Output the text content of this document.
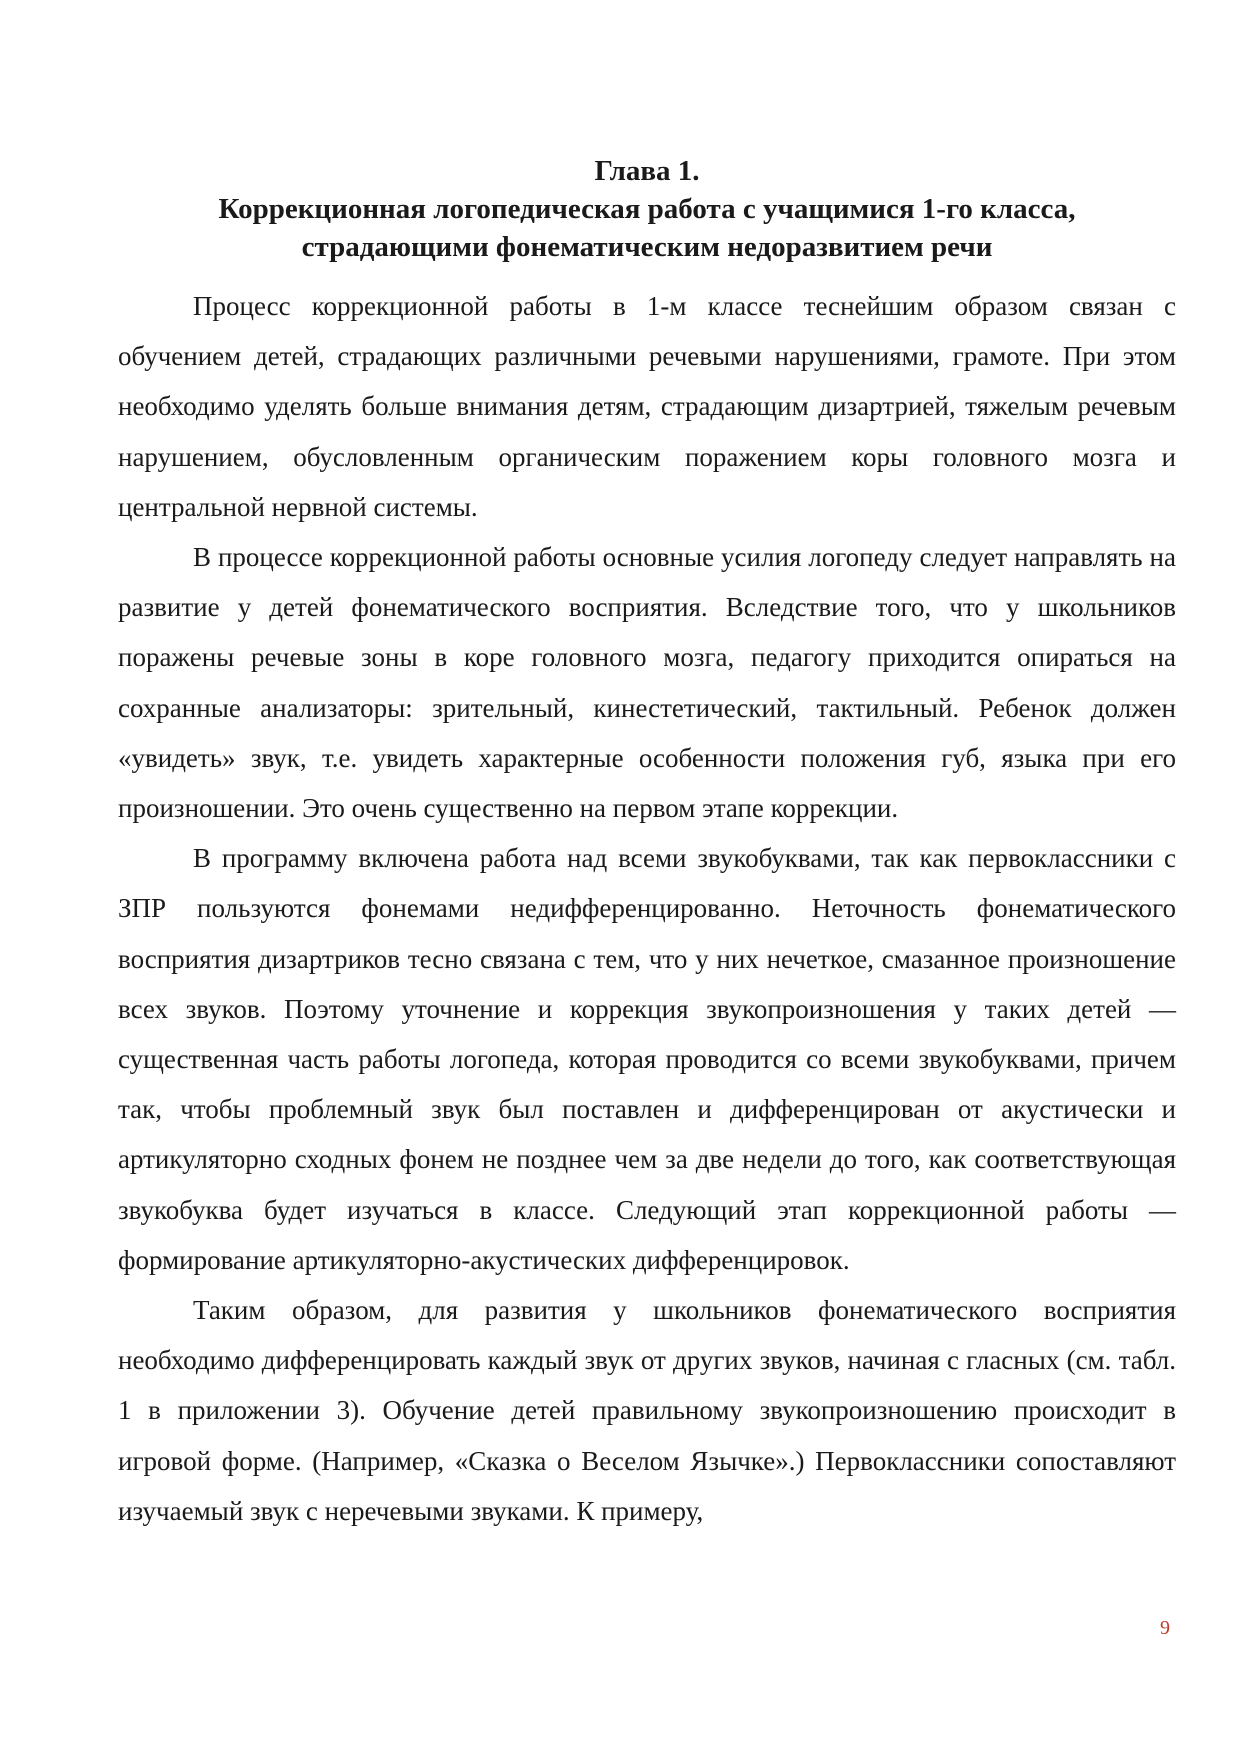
Глава 1.
Коррекционная логопедическая работа с учащимися 1-го класса,
страдающими фонематическим недоразвитием речи

Процесс коррекционной работы в 1-м классе теснейшим образом связан с обучением детей, страдающих различными речевыми нарушениями, грамоте. При этом необходимо уделять больше внимания детям, страдающим дизартрией, тяжелым речевым нарушением, обусловленным органическим поражением коры головного мозга и центральной нервной системы.

В процессе коррекционной работы основные усилия логопеду следует направлять на развитие у детей фонематического восприятия. Вследствие того, что у школьников поражены речевые зоны в коре головного мозга, педагогу приходится опираться на сохранные анализаторы: зрительный, кинестетический, тактильный. Ребенок должен «увидеть» звук, т.е. увидеть характерные особенности положения губ, языка при его произношении. Это очень существенно на первом этапе коррекции.

В программу включена работа над всеми звукобуквами, так как первоклассники с ЗПР пользуются фонемами недифференцированно. Неточность фонематического восприятия дизартриков тесно связана с тем, что у них нечеткое, смазанное произношение всех звуков. Поэтому уточнение и коррекция звукопроизношения у таких детей — существенная часть работы логопеда, которая проводится со всеми звукобуквами, причем так, чтобы проблемный звук был поставлен и дифференцирован от акустически и артикуляторно сходных фонем не позднее чем за две недели до того, как соответствующая звукобуква будет изучаться в классе. Следующий этап коррекционной работы — формирование артикуляторно-акустических дифференцировок.

Таким образом, для развития у школьников фонематического восприятия необходимо дифференцировать каждый звук от других звуков, начиная с гласных (см. табл. 1 в приложении 3). Обучение детей правильному звукопроизношению происходит в игровой форме. (Например, «Сказка о Веселом Язычке».) Первоклассники сопоставляют изучаемый звук с неречевыми звуками. К примеру,

9
